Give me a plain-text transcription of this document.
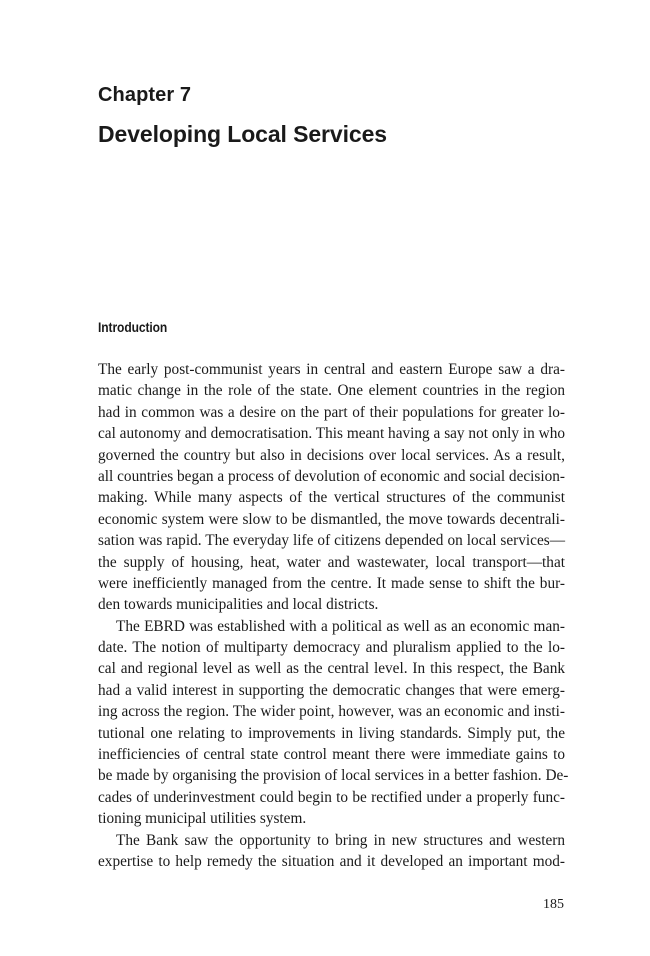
Chapter 7
Developing Local Services
Introduction
The early post-communist years in central and eastern Europe saw a dra-
matic change in the role of the state. One element countries in the region
had in common was a desire on the part of their populations for greater lo-
cal autonomy and democratisation. This meant having a say not only in who
governed the country but also in decisions over local services. As a result,
all countries began a process of devolution of economic and social decision-
making. While many aspects of the vertical structures of the communist
economic system were slow to be dismantled, the move towards decentrali-
sation was rapid. The everyday life of citizens depended on local services—
the supply of housing, heat, water and wastewater, local transport—that
were inefficiently managed from the centre. It made sense to shift the bur-
den towards municipalities and local districts.
The EBRD was established with a political as well as an economic man-
date. The notion of multiparty democracy and pluralism applied to the lo-
cal and regional level as well as the central level. In this respect, the Bank
had a valid interest in supporting the democratic changes that were emerg-
ing across the region. The wider point, however, was an economic and insti-
tutional one relating to improvements in living standards. Simply put, the
inefficiencies of central state control meant there were immediate gains to
be made by organising the provision of local services in a better fashion. De-
cades of underinvestment could begin to be rectified under a properly func-
tioning municipal utilities system.
The Bank saw the opportunity to bring in new structures and western
expertise to help remedy the situation and it developed an important mod-
185
